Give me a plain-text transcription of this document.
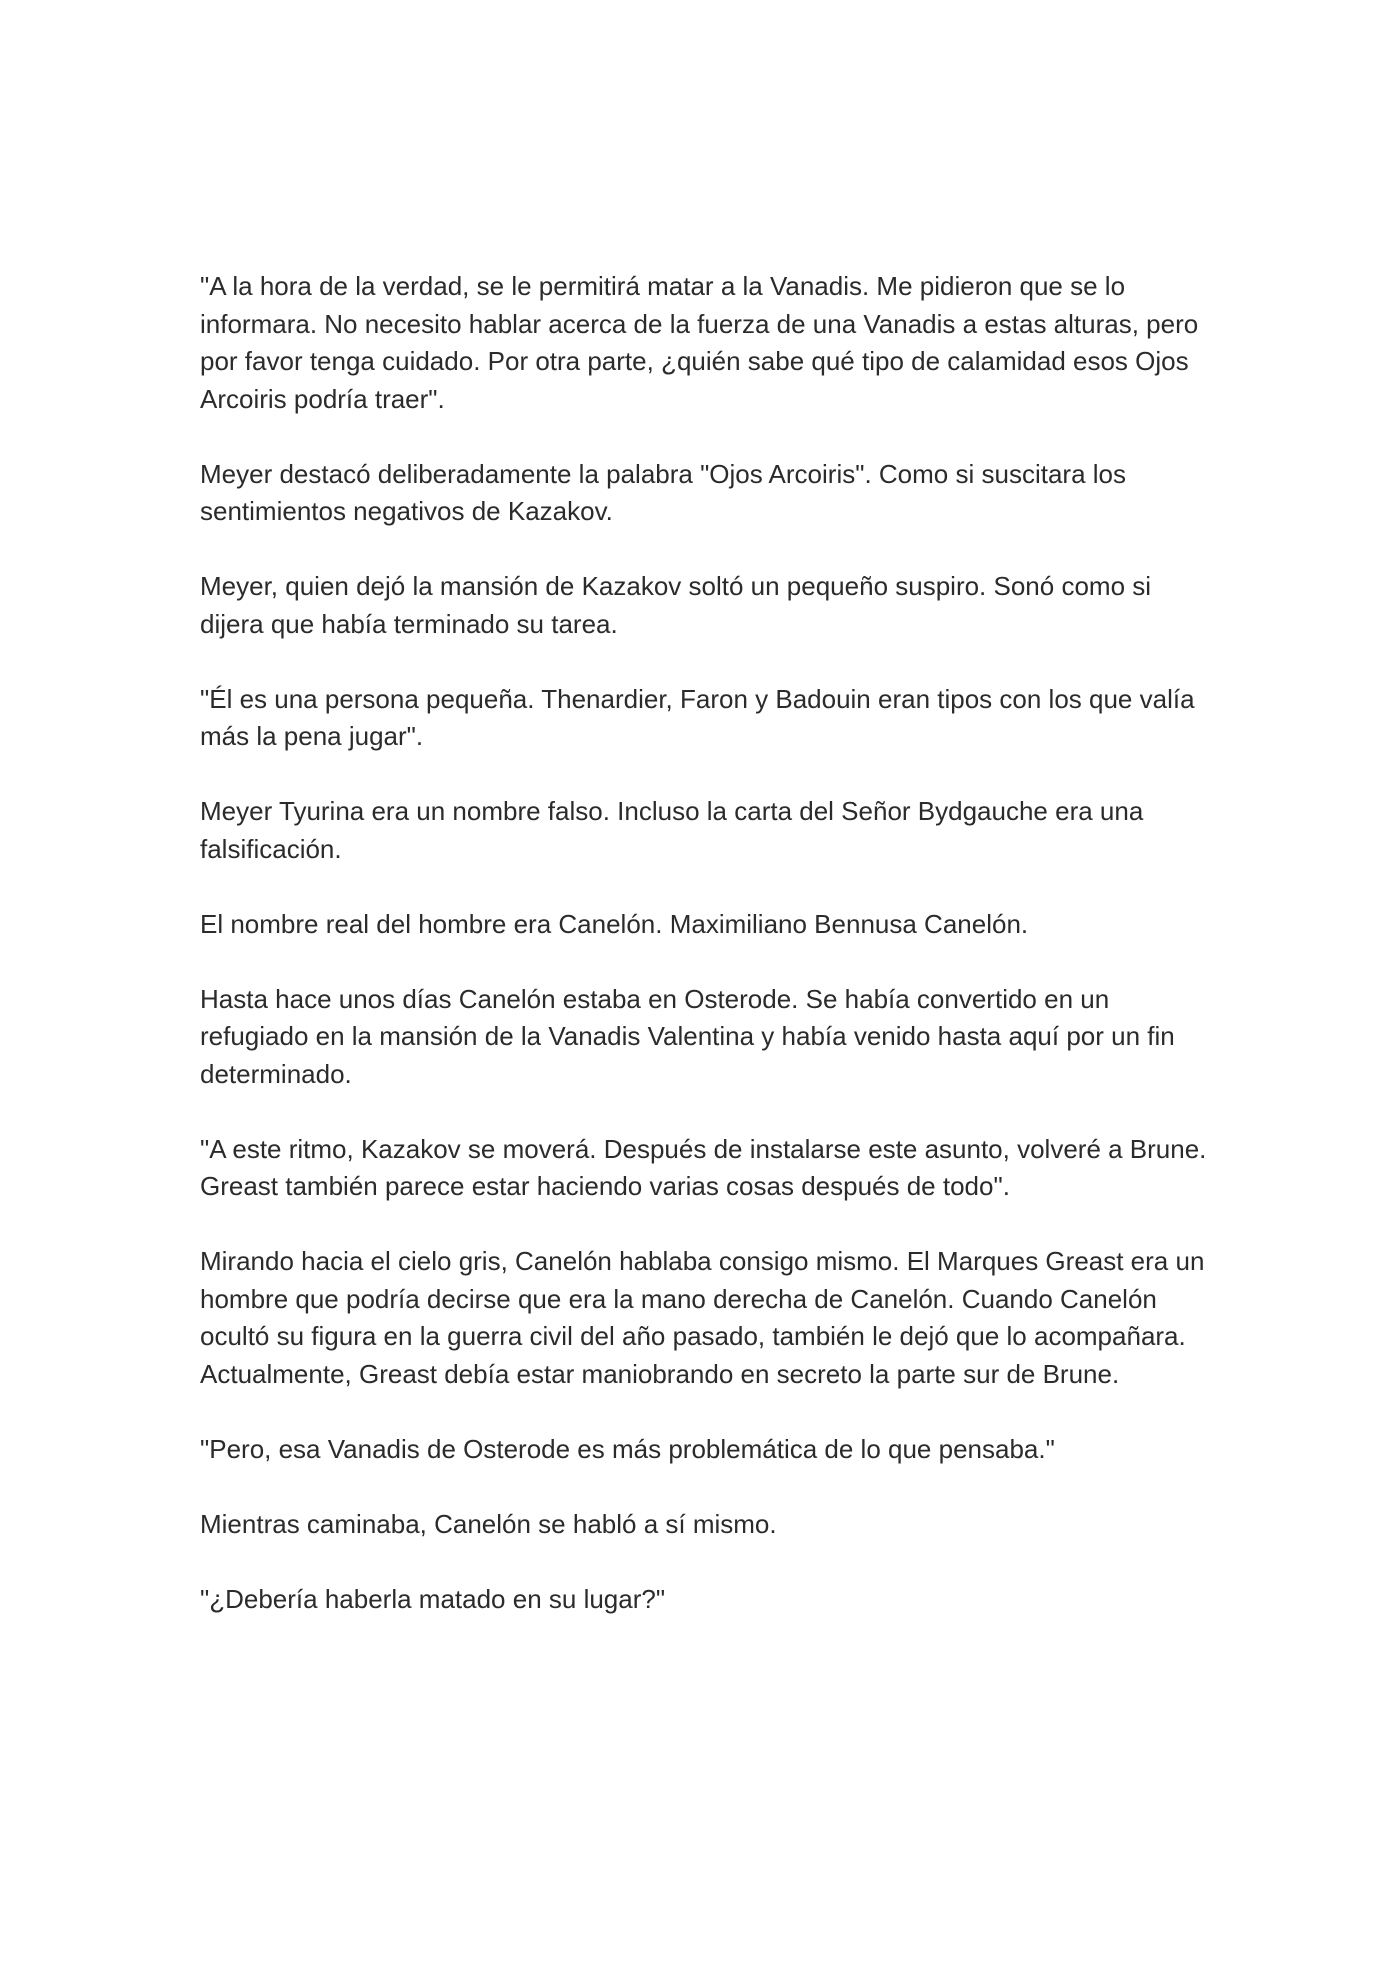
"A la hora de la verdad, se le permitirá matar a la Vanadis. Me pidieron que se lo informara. No necesito hablar acerca de la fuerza de una Vanadis a estas alturas, pero por favor tenga cuidado. Por otra parte, ¿quién sabe qué tipo de calamidad esos Ojos Arcoiris podría traer".

Meyer destacó deliberadamente la palabra "Ojos Arcoiris". Como si suscitara los sentimientos negativos de Kazakov.

Meyer, quien dejó la mansión de Kazakov soltó un pequeño suspiro. Sonó como si dijera que había terminado su tarea.

"Él es una persona pequeña. Thenardier, Faron y Badouin eran tipos con los que valía más la pena jugar".

Meyer Tyurina era un nombre falso. Incluso la carta del Señor Bydgauche era una falsificación.

El nombre real del hombre era Canelón. Maximiliano Bennusa Canelón.

Hasta hace unos días Canelón estaba en Osterode. Se había convertido en un refugiado en la mansión de la Vanadis Valentina y había venido hasta aquí por un fin determinado.

"A este ritmo, Kazakov se moverá. Después de instalarse este asunto, volveré a Brune. Greast también parece estar haciendo varias cosas después de todo".

Mirando hacia el cielo gris, Canelón hablaba consigo mismo. El Marques Greast era un hombre que podría decirse que era la mano derecha de Canelón. Cuando Canelón ocultó su figura en la guerra civil del año pasado, también le dejó que lo acompañara. Actualmente, Greast debía estar maniobrando en secreto la parte sur de Brune.

"Pero, esa Vanadis de Osterode es más problemática de lo que pensaba."

Mientras caminaba, Canelón se habló a sí mismo.

"¿Debería haberla matado en su lugar?"
